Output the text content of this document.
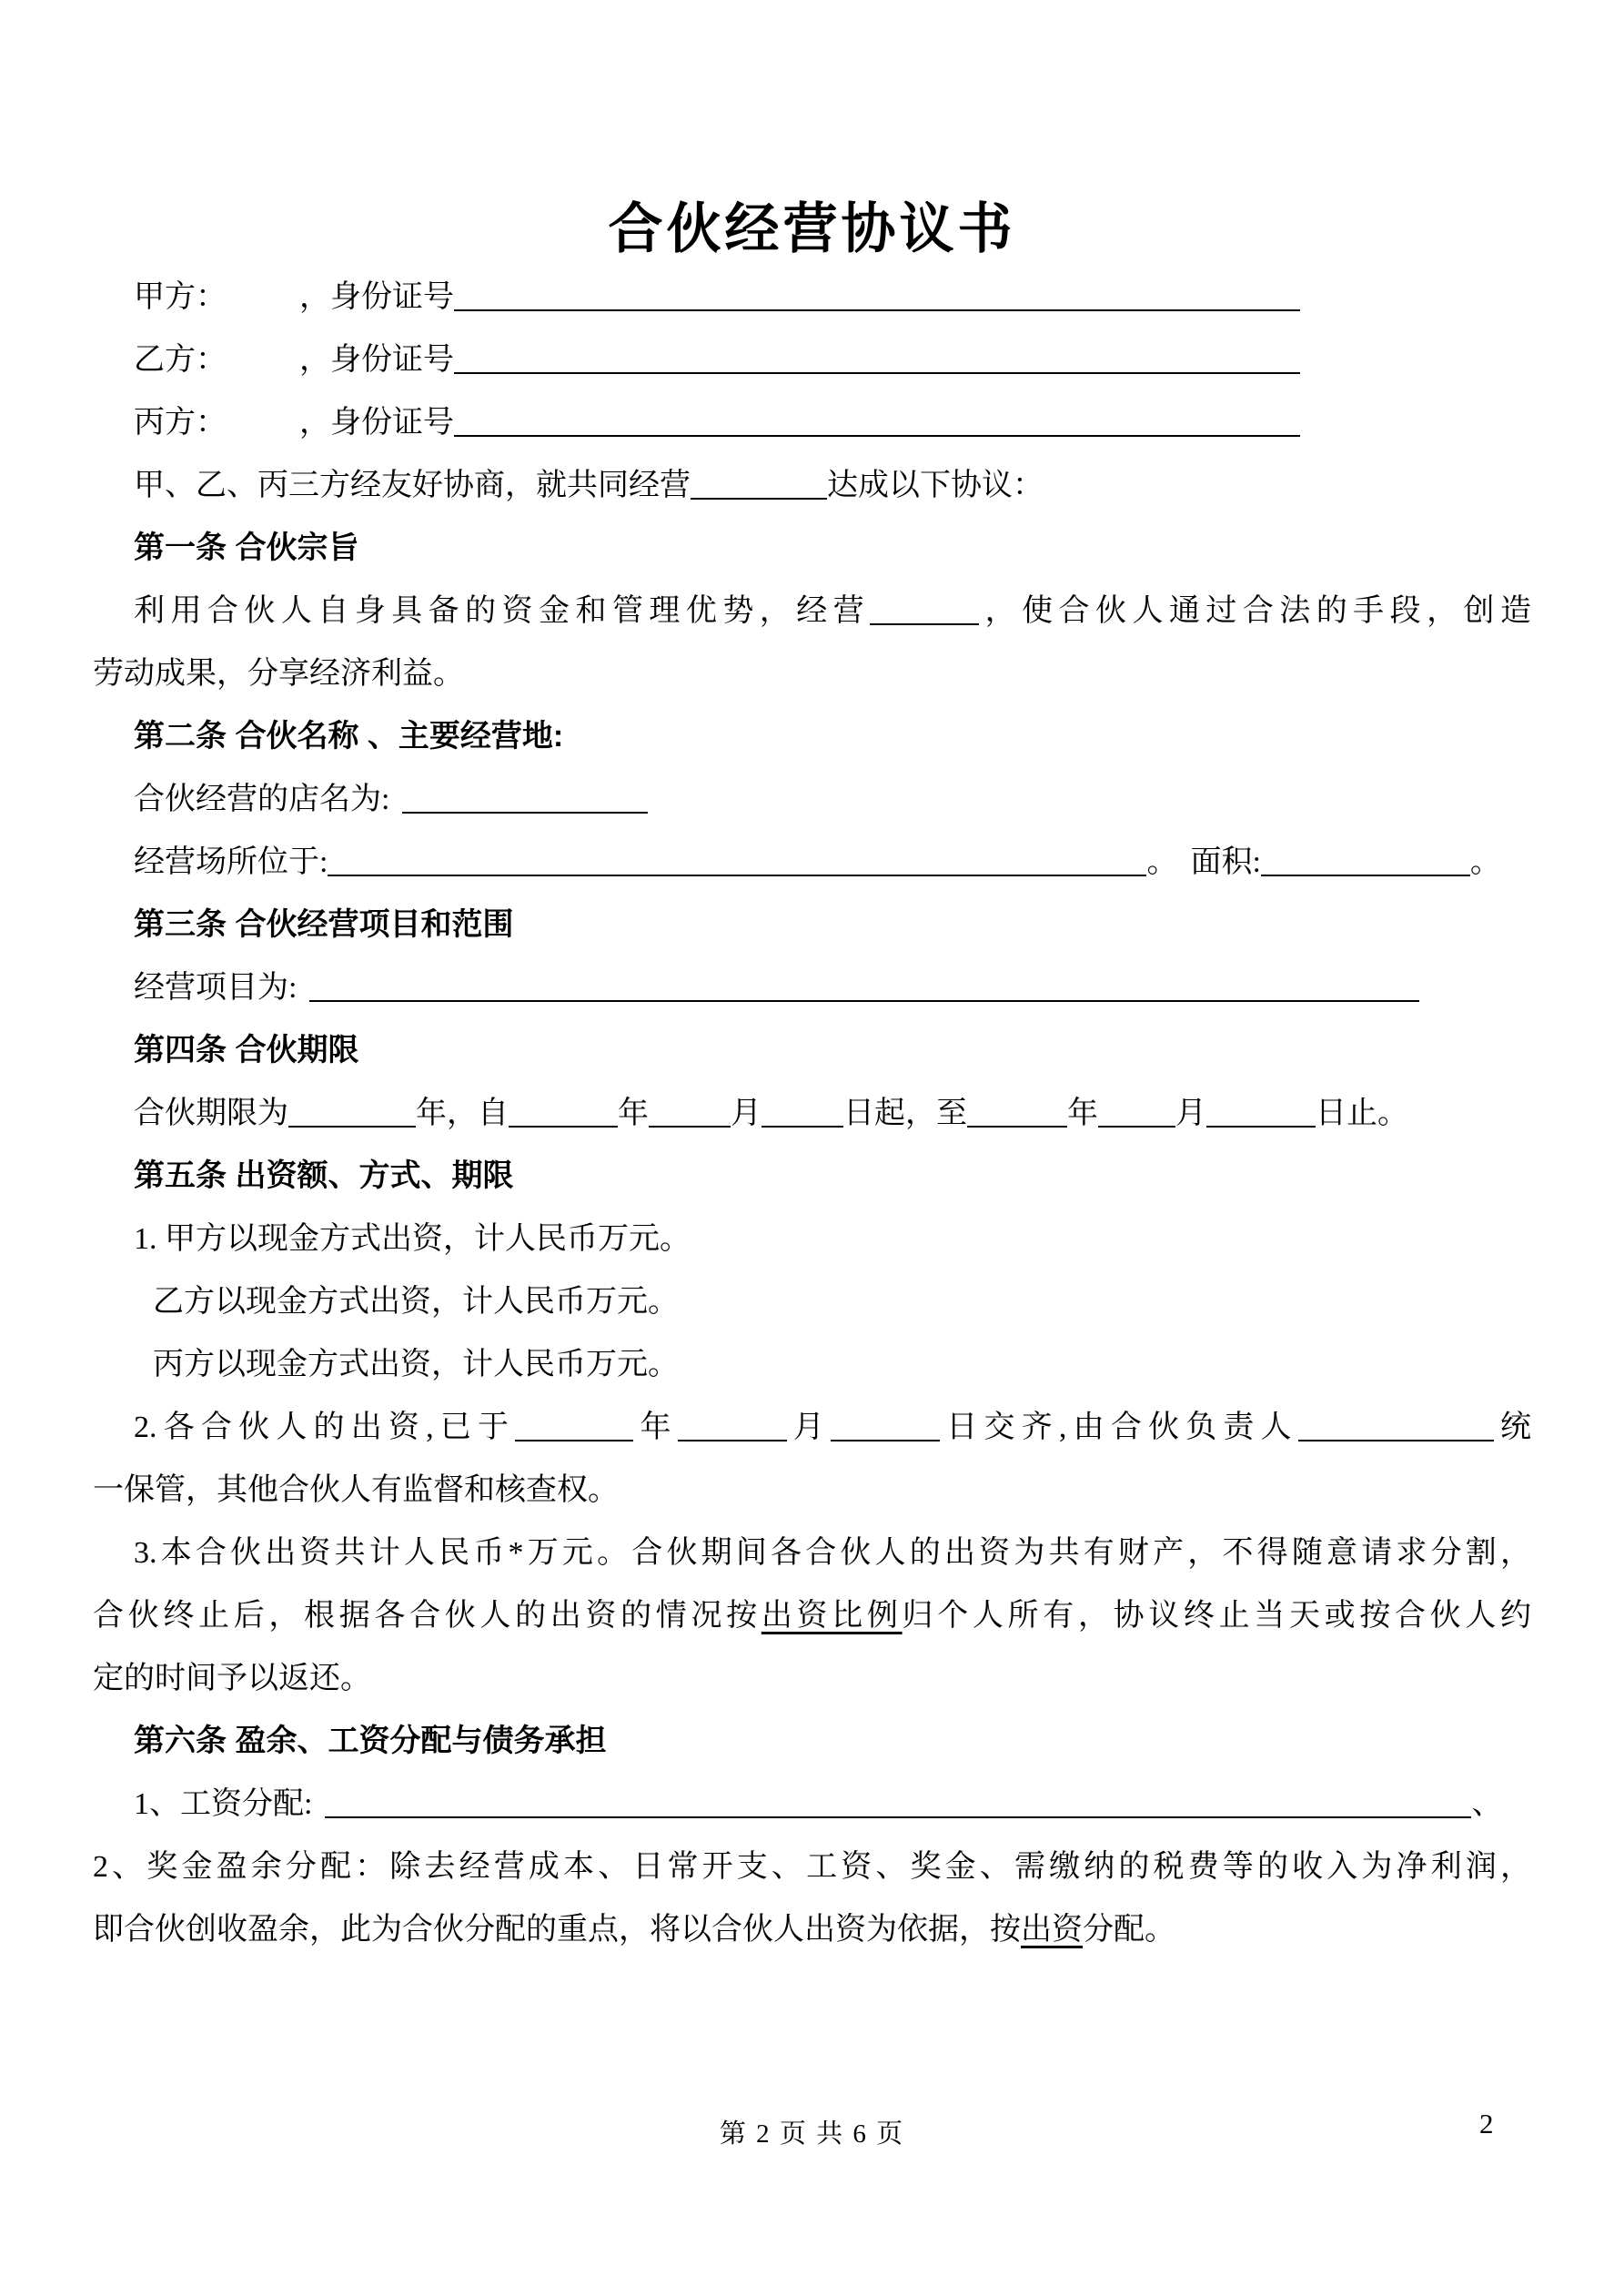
合伙经营协议书

甲方： ，身份证号

乙方： ，身份证号

丙方： ，身份证号

甲、乙、丙三方经友好协商，就共同经营	达成以下协议：

第一条 合伙宗旨

利用合伙人自身具备的资金和管理优势，经营	，使合伙人通过合法的手段，创造

劳动成果，分享经济利益。

第二条 合伙名称 、主要经营地:

合伙经营的店名为:

经营场所位于:	。 面积:	。

第三条 合伙经营项目和范围

经营项目为:

第四条 合伙期限

合伙期限为	年，自	年	月	日起，至	年	月	日止。

第五条 出资额、方式、期限

1. 甲方以现金方式出资，计人民币万元。

乙方以现金方式出资，计人民币万元。

丙方以现金方式出资，计人民币万元。

2.各合伙人的出资,已于	年	月	日交齐,由合伙负责人	统

一保管，其他合伙人有监督和核查权。

3.本合伙出资共计人民币*万元。合伙期间各合伙人的出资为共有财产，不得随意请求分割，

合伙终止后，根据各合伙人的出资的情况按出资比例归个人所有，协议终止当天或按合伙人约

定的时间予以返还。

第六条 盈余、工资分配与债务承担

1、工资分配:	、

2、奖金盈余分配：除去经营成本、日常开支、工资、奖金、需缴纳的税费等的收入为净利润，

即合伙创收盈余，此为合伙分配的重点，将以合伙人出资为依据，按出资分配。

第 2 页 共 6 页	2
